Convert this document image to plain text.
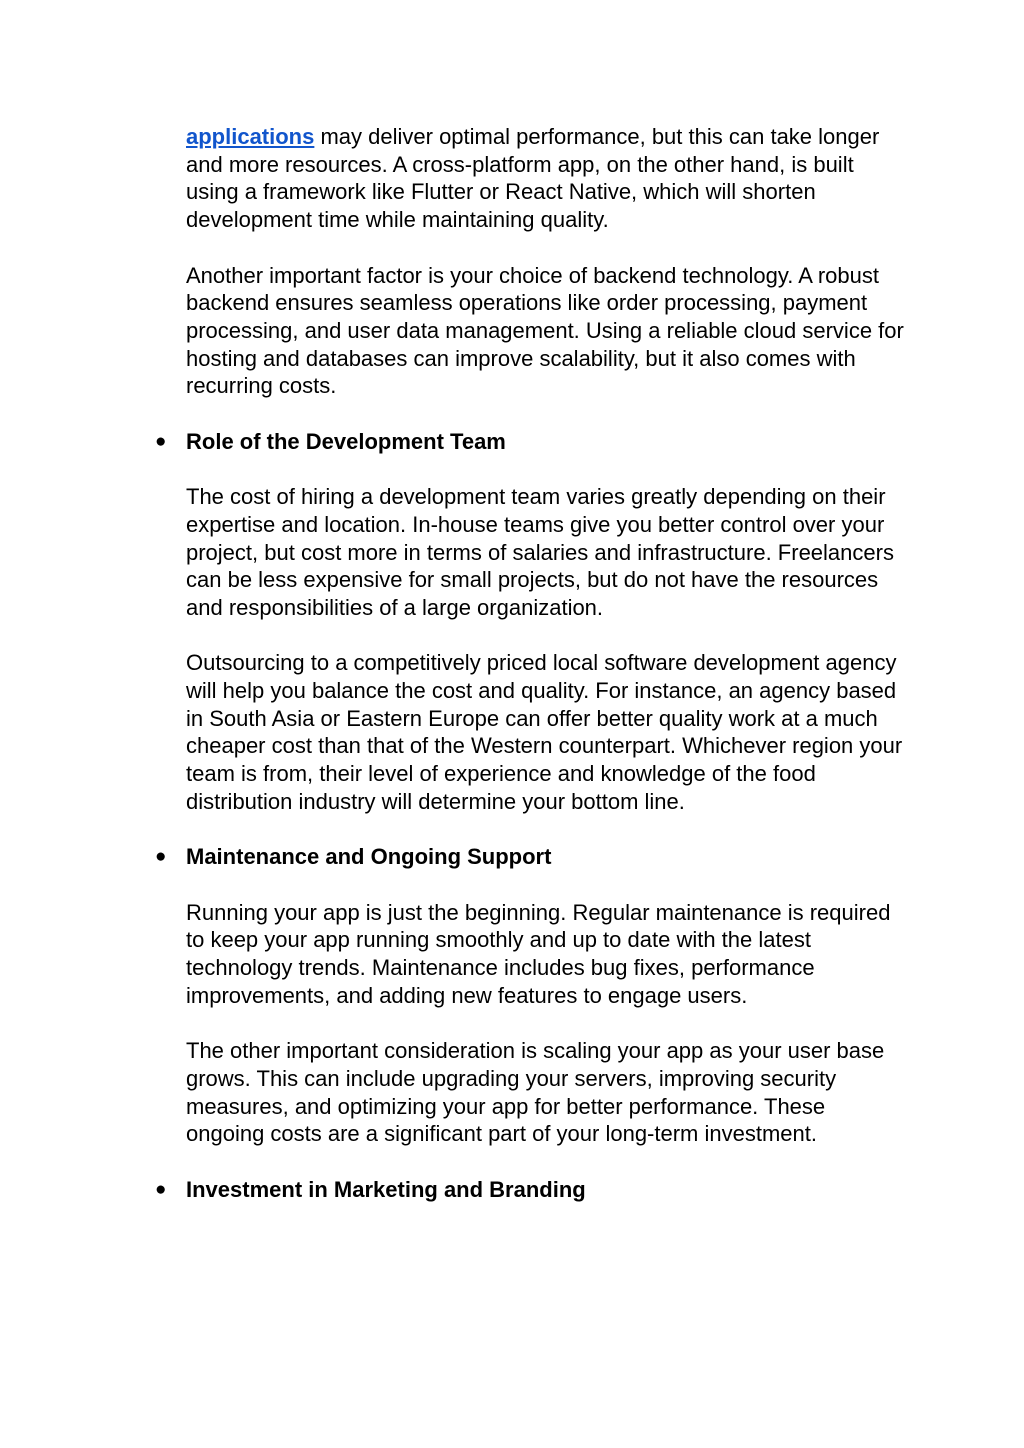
applications may deliver optimal performance, but this can take longer and more resources. A cross-platform app, on the other hand, is built using a framework like Flutter or React Native, which will shorten development time while maintaining quality.

Another important factor is your choice of backend technology. A robust backend ensures seamless operations like order processing, payment processing, and user data management. Using a reliable cloud service for hosting and databases can improve scalability, but it also comes with recurring costs.

● Role of the Development Team

The cost of hiring a development team varies greatly depending on their expertise and location. In-house teams give you better control over your project, but cost more in terms of salaries and infrastructure. Freelancers can be less expensive for small projects, but do not have the resources and responsibilities of a large organization.

Outsourcing to a competitively priced local software development agency will help you balance the cost and quality. For instance, an agency based in South Asia or Eastern Europe can offer better quality work at a much cheaper cost than that of the Western counterpart. Whichever region your team is from, their level of experience and knowledge of the food distribution industry will determine your bottom line.

● Maintenance and Ongoing Support

Running your app is just the beginning. Regular maintenance is required to keep your app running smoothly and up to date with the latest technology trends. Maintenance includes bug fixes, performance improvements, and adding new features to engage users.

The other important consideration is scaling your app as your user base grows. This can include upgrading your servers, improving security measures, and optimizing your app for better performance. These ongoing costs are a significant part of your long-term investment.

● Investment in Marketing and Branding
